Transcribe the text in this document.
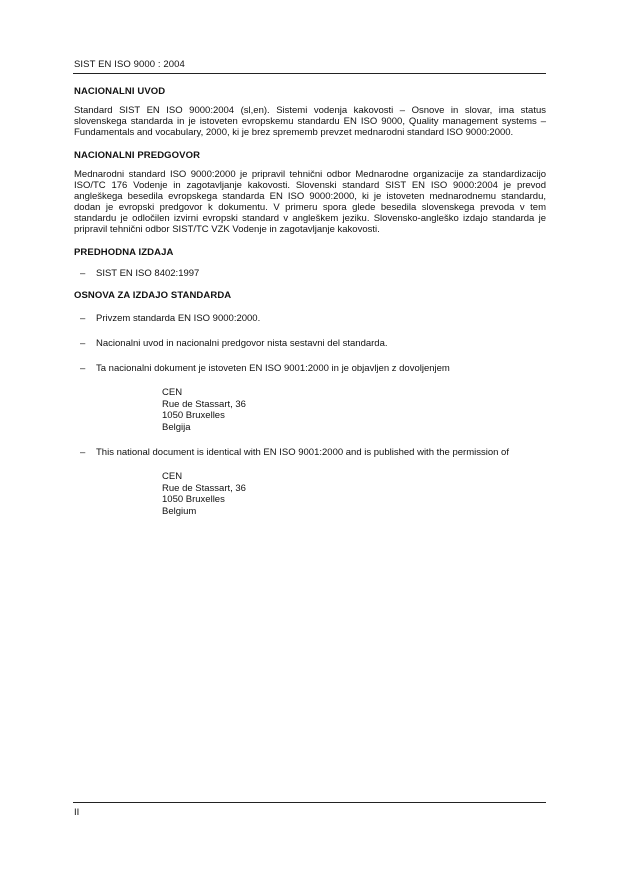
SIST EN ISO 9000 : 2004
NACIONALNI UVOD

Standard SIST EN ISO 9000:2004 (sl,en). Sistemi vodenja kakovosti – Osnove in slovar, ima status slovenskega standarda in je istoveten evropskemu standardu EN ISO 9000, Quality management systems – Fundamentals and vocabulary, 2000, ki je brez sprememb prevzet mednarodni standard ISO 9000:2000.

NACIONALNI PREDGOVOR

Mednarodni standard ISO 9000:2000 je pripravil tehnični odbor Mednarodne organizacije za standardizacijo ISO/TC 176 Vodenje in zagotavljanje kakovosti. Slovenski standard SIST EN ISO 9000:2004 je prevod angleškega besedila evropskega standarda EN ISO 9000:2000, ki je istoveten mednarodnemu standardu, dodan je evropski predgovor k dokumentu. V primeru spora glede besedila slovenskega prevoda v tem standardu je odločilen izvirni evropski standard v angleškem jeziku. Slovensko-angleško izdajo standarda je pripravil tehnični odbor SIST/TC VZK Vodenje in zagotavljanje kakovosti.

PREDHODNA IZDAJA
– SIST EN ISO 8402:1997
OSNOVA ZA IZDAJO STANDARDA
– Privzem standarda EN ISO 9000:2000.
– Nacionalni uvod in nacionalni predgovor nista sestavni del standarda.
– Ta nacionalni dokument je istoveten EN ISO 9001:2000 in je objavljen z dovoljenjem
CEN
Rue de Stassart, 36
1050 Bruxelles
Belgija
– This national document is identical with EN ISO 9001:2000 and is published with the permission of
CEN
Rue de Stassart, 36
1050 Bruxelles
Belgium
II
